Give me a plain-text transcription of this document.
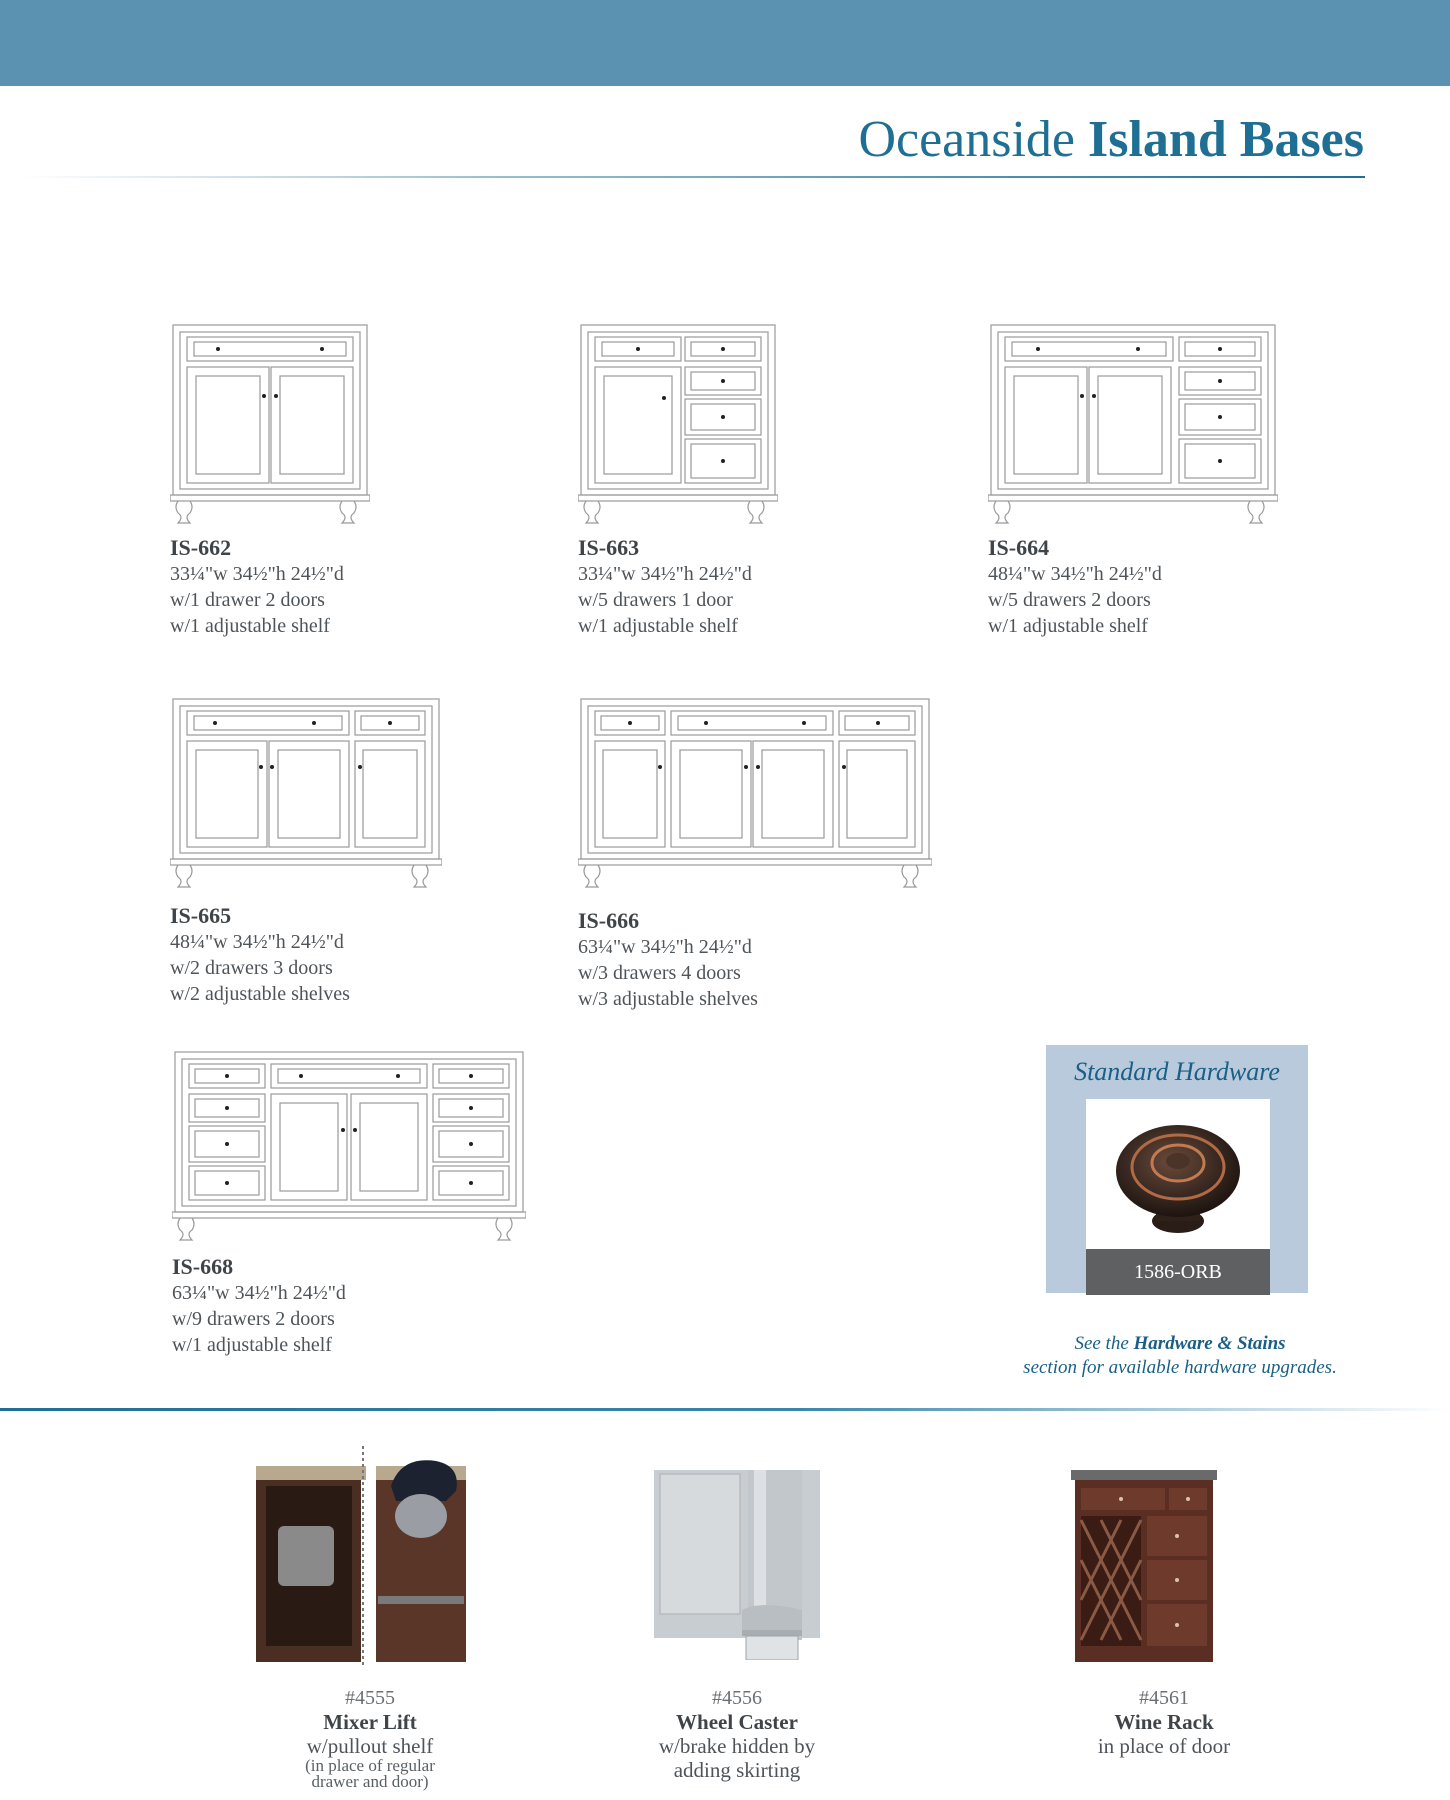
Oceanside Island Bases
IS-662
33¼"w 34½"h 24½"d
w/1 drawer 2 doors
w/1 adjustable shelf
IS-663
33¼"w 34½"h 24½"d
w/5 drawers 1 door
w/1 adjustable shelf
IS-664
48¼"w 34½"h 24½"d
w/5 drawers 2 doors
w/1 adjustable shelf
IS-665
48¼"w 34½"h 24½"d
w/2 drawers 3 doors
w/2 adjustable shelves
IS-666
63¼"w 34½"h 24½"d
w/3 drawers 4 doors
w/3 adjustable shelves
IS-668
63¼"w 34½"h 24½"d
w/9 drawers 2 doors
w/1 adjustable shelf
Standard Hardware
1586-ORB
See the Hardware & Stains
section for available hardware upgrades.
#4555
Mixer Lift
w/pullout shelf
(in place of regular
drawer and door)
#4556
Wheel Caster
w/brake hidden by
adding skirting
#4561
Wine Rack
in place of door
